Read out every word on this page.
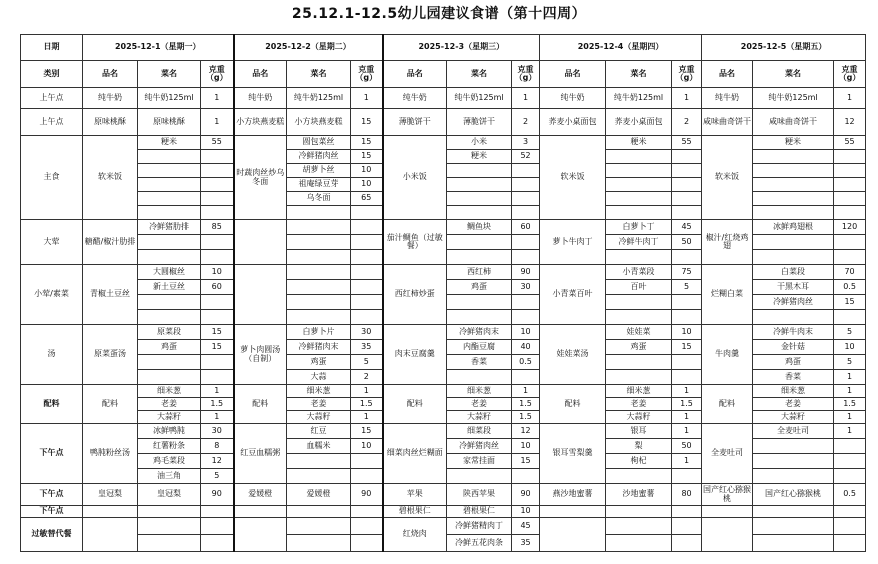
25.12.1-12.5幼儿园建议食谱（第十四周）
日期	2025-12-1（星期一）			2025-12-2（星期二）			2025-12-3（星期三）			2025-12-4（星期四）			2025-12-5（星期五）		
类别	品名	菜名	克重（g）	品名	菜名	克重（g）	品名	菜名	克重（g）	品名	菜名	克重（g）	品名	菜名	克重（g）
上午点	纯牛奶	纯牛奶125ml	1	纯牛奶	纯牛奶125ml	1	纯牛奶	纯牛奶125ml	1	纯牛奶	纯牛奶125ml	1	纯牛奶	纯牛奶125ml	1
上午点	原味桃酥	原味桃酥	1	小方块燕麦糕	小方块燕麦糕	15	薄脆饼干	薄脆饼干	2	荞麦小桌面包	荞麦小桌面包	2	咸味曲奇饼干	咸味曲奇饼干	12
主食	软米饭	粳米	55	时蔬肉丝炒乌冬面	圆包菜丝	15	小米饭	小米	3	软米饭	粳米	55	软米饭	粳米	55
					冷鲜猪肉丝	15		粳米	52						
					胡萝卜丝	10									
					祖庵绿豆芽	10									
					乌冬面	65									

大荤	糖醋/椒汁肋排	冷鲜猪肋排	85				茄汁鲷鱼（过敏餐）	鲷鱼块	60	萝卜牛肉丁	白萝卜丁	45	椒汁/红烧鸡翅	冰鲜鸡翅根	120
											冷鲜牛肉丁	50			

小荤/素菜	青椒土豆丝	大圆椒丝	10				西红柿炒蛋	西红柿	90	小青菜百叶	小青菜段	75	烂糊白菜	白菜段	70
		新土豆丝	60					鸡蛋	30		百叶	5		干黑木耳	0.5
														冷鲜猪肉丝	15

汤	原菜蛋汤	原菜段	15	萝卜肉圆汤（自制）	白萝卜片	30	肉末豆腐羹	冷鲜猪肉末	10	娃娃菜汤	娃娃菜	10	牛肉羹	冷鲜牛肉末	5
		鸡蛋	15		冷鲜猪肉末	35		内酯豆腐	40		鸡蛋	15		金针菇	10
					鸡蛋	5		香菜	0.5					鸡蛋	5
					大蒜	2								香菜	1
配料	配料	细米葱	1	配料	细米葱	1	配料	细米葱	1	配料	细米葱	1	配料	细米葱	1
		老姜	1.5		老姜	1.5		老姜	1.5		老姜	1.5		老姜	1.5
		大蒜籽	1		大蒜籽	1		大蒜籽	1.5		大蒜籽	1		大蒜籽	1
下午点	鸭肫粉丝汤	冰鲜鸭肫	30	红豆血糯粥	红豆	15	细菜肉丝烂糊面	细菜段	12	银耳雪梨羹	银耳	1	全麦吐司	全麦吐司	1
		红薯粉条	8		血糯米	10		冷鲜猪肉丝	10		梨	50			
		鸡毛菜段	12					家常挂面	15		枸杞	1			
		油三角	5												
下午点	皇冠梨	皇冠梨	90	爱媛橙	爱媛橙	90	苹果	陕西苹果	90	燕沙地蜜薯	沙地蜜薯	80	国产红心猕猴桃	国产红心猕猴桃	0.5
下午点							碧根果仁	碧根果仁	10						
过敏替代餐							红烧肉	冷鲜猪精肉丁	45						
								冷鲜五花肉条	35						
